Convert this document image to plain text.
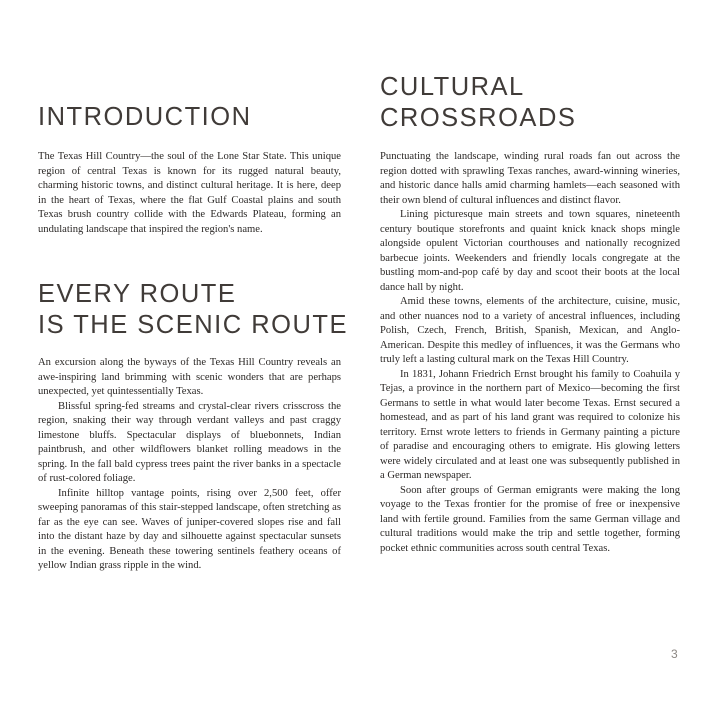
INTRODUCTION

The Texas Hill Country—the soul of the Lone Star State. This unique region of central Texas is known for its rugged natural beauty, charming historic towns, and distinct cultural heritage. It is here, deep in the heart of Texas, where the flat Gulf Coastal plains and south Texas brush country collide with the Edwards Plateau, forming an undulating landscape that inspired the region's name.

EVERY ROUTE
IS THE SCENIC ROUTE

An excursion along the byways of the Texas Hill Country reveals an awe-inspiring land brimming with scenic wonders that are perhaps unexpected, yet quintessentially Texas.

Blissful spring-fed streams and crystal-clear rivers crisscross the region, snaking their way through verdant valleys and past craggy limestone bluffs. Spectacular displays of bluebonnets, Indian paintbrush, and other wildflowers blanket rolling meadows in the spring. In the fall bald cypress trees paint the river banks in a spectacle of rust-colored foliage.

Infinite hilltop vantage points, rising over 2,500 feet, offer sweeping panoramas of this stair-stepped landscape, often stretching as far as the eye can see. Waves of juniper-covered slopes rise and fall into the distant haze by day and silhouette against spectacular sunsets in the evening. Beneath these towering sentinels feathery oceans of yellow Indian grass ripple in the wind.

CULTURAL
CROSSROADS

Punctuating the landscape, winding rural roads fan out across the region dotted with sprawling Texas ranches, award-winning wineries, and historic dance halls amid charming hamlets—each seasoned with their own blend of cultural influences and distinct flavor.

Lining picturesque main streets and town squares, nineteenth century boutique storefronts and quaint knick knack shops mingle alongside opulent Victorian courthouses and nationally recognized barbecue joints. Weekenders and friendly locals congregate at the bustling mom-and-pop café by day and scoot their boots at the local dance hall by night.

Amid these towns, elements of the architecture, cuisine, music, and other nuances nod to a variety of ancestral influences, including Polish, Czech, French, British, Spanish, Mexican, and Anglo-American. Despite this medley of influences, it was the Germans who truly left a lasting cultural mark on the Texas Hill Country.

In 1831, Johann Friedrich Ernst brought his family to Coahuila y Tejas, a province in the northern part of Mexico—becoming the first Germans to settle in what would later become Texas. Ernst secured a homestead, and as part of his land grant was required to colonize his territory. Ernst wrote letters to friends in Germany painting a picture of paradise and encouraging others to emigrate. His glowing letters were widely circulated and at least one was subsequently published in a German newspaper.

Soon after groups of German emigrants were making the long voyage to the Texas frontier for the promise of free or inexpensive land with fertile ground. Families from the same German village and cultural traditions would make the trip and settle together, forming pocket ethnic communities across south central Texas.

3
